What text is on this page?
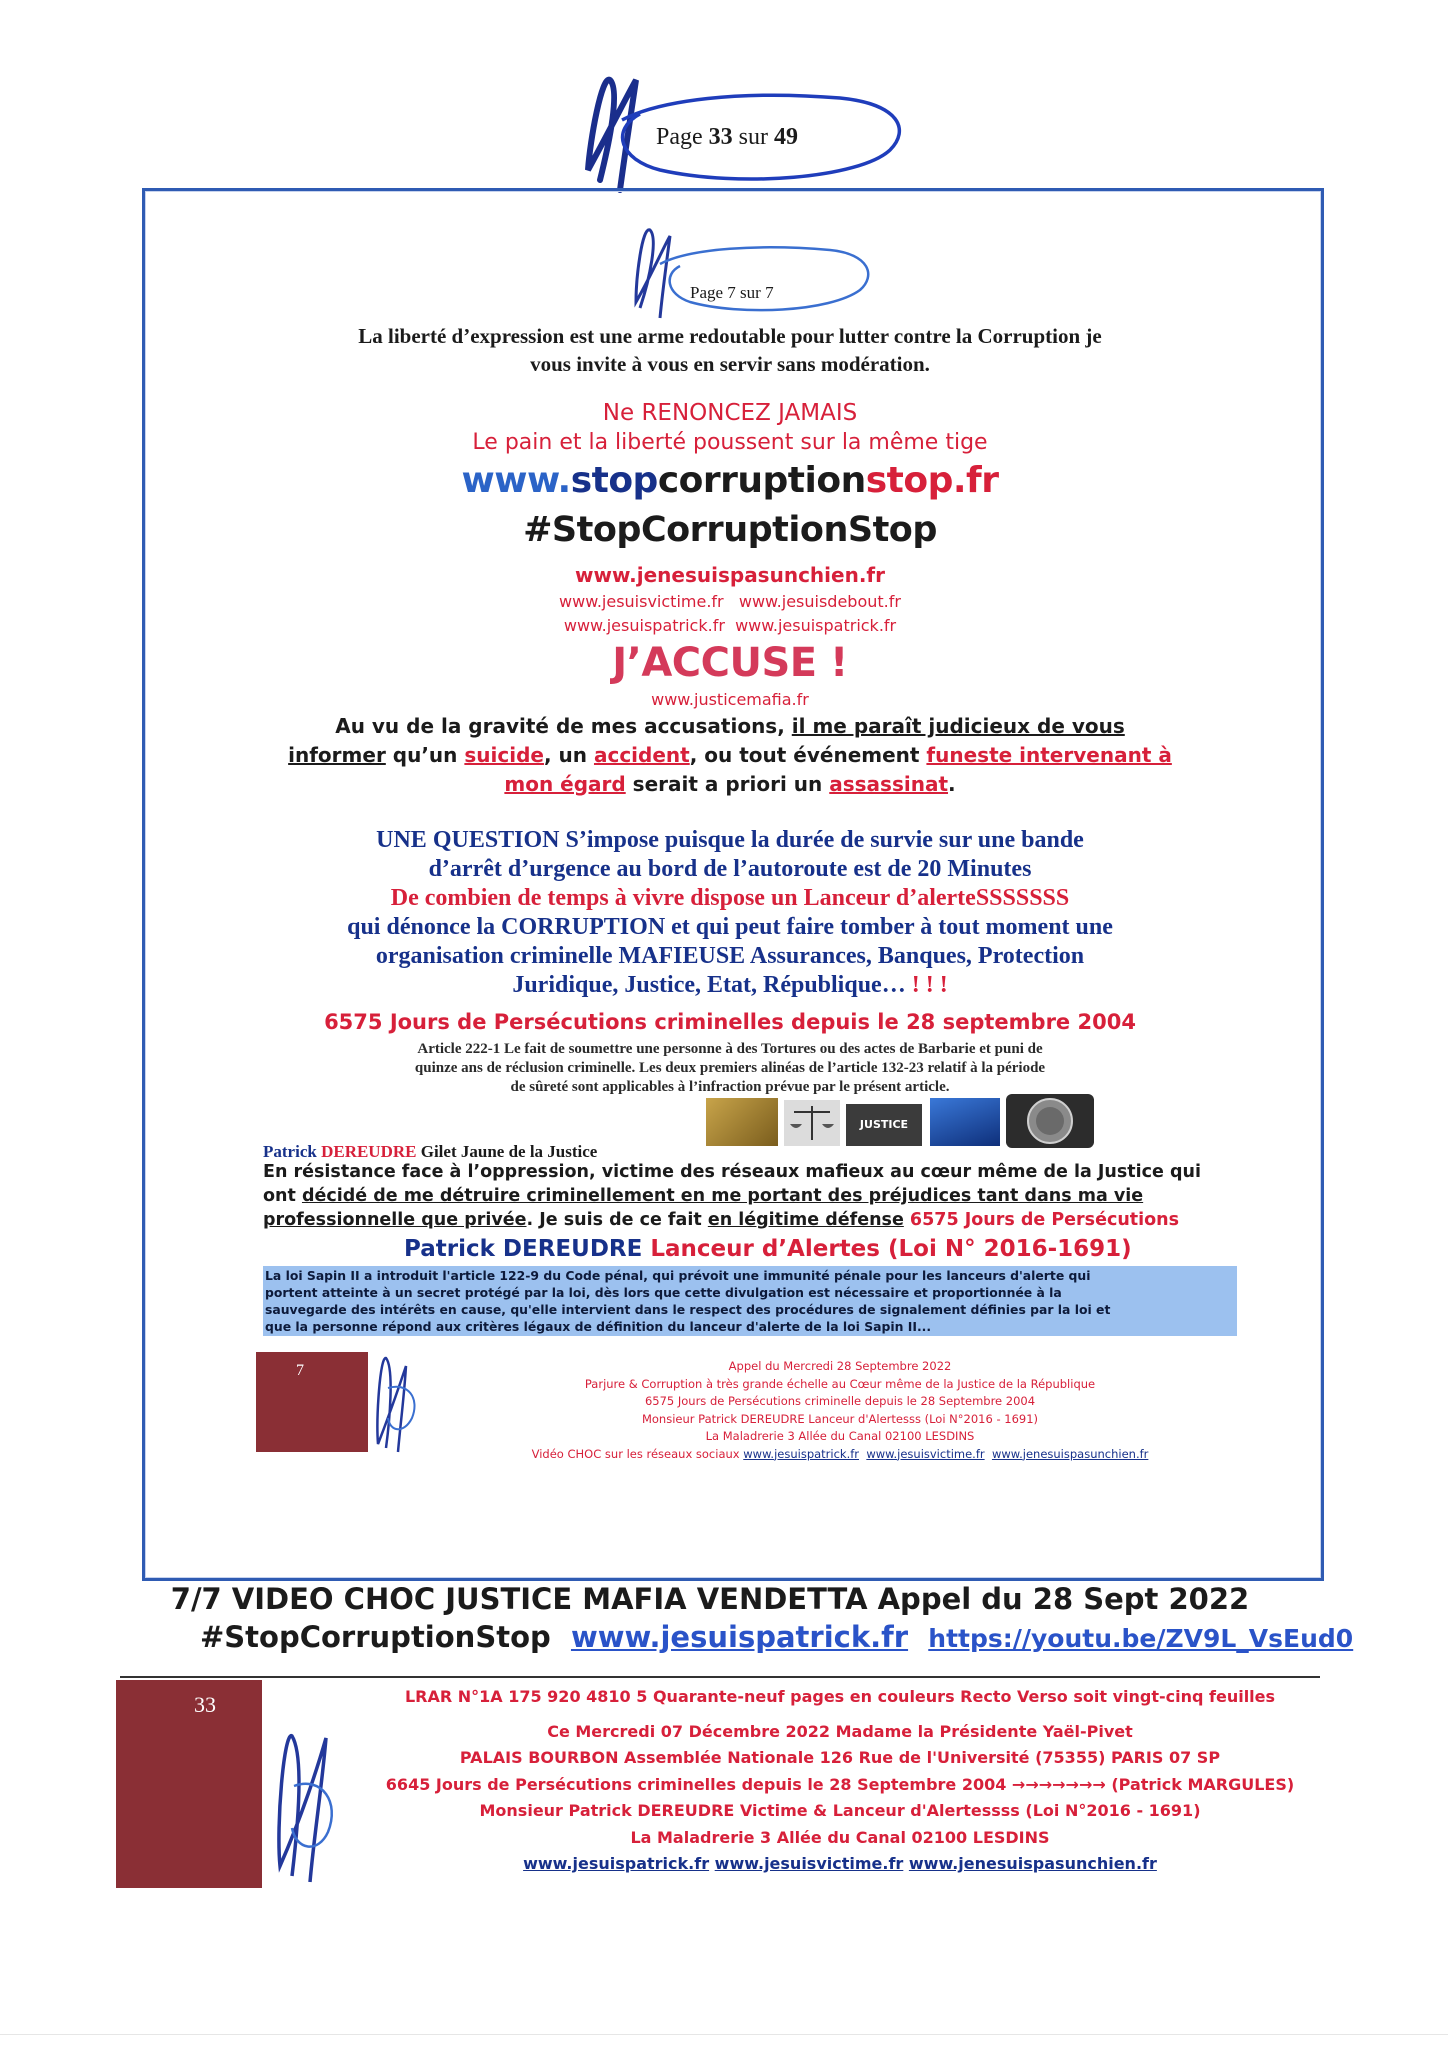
Page 33 sur 49
Page 7 sur 7
La liberté d’expression est une arme redoutable pour lutter contre la Corruption je
vous invite à vous en servir sans modération.
Ne RENONCEZ JAMAIS
Le pain et la liberté poussent sur la même tige
www.stopcorruptionstop.fr
#StopCorruptionStop
www.jenesuispasunchien.fr
www.jesuisvictime.fr www.jesuisdebout.fr
www.jesuispatrick.fr www.jesuispatrick.fr
J’ACCUSE !
www.justicemafia.fr
Au vu de la gravité de mes accusations, il me paraît judicieux de vous
informer qu’un suicide, un accident, ou tout événement funeste intervenant à
mon égard serait a priori un assassinat.
UNE QUESTION S’impose puisque la durée de survie sur une bande
d’arrêt d’urgence au bord de l’autoroute est de 20 Minutes
De combien de temps à vivre dispose un Lanceur d’alerteSSSSSSS
qui dénonce la CORRUPTION et qui peut faire tomber à tout moment une
organisation criminelle MAFIEUSE Assurances, Banques, Protection
Juridique, Justice, Etat, République… ! ! !
6575 Jours de Persécutions criminelles depuis le 28 septembre 2004
Article 222-1 Le fait de soumettre une personne à des Tortures ou des actes de Barbarie et puni de
quinze ans de réclusion criminelle. Les deux premiers alinéas de l’article 132-23 relatif à la période
de sûreté sont applicables à l’infraction prévue par le présent article.
Patrick DEREUDRE Gilet Jaune de la Justice
JUSTICE
En résistance face à l’oppression, victime des réseaux mafieux au cœur même de la Justice qui
ont décidé de me détruire criminellement en me portant des préjudices tant dans ma vie
professionnelle que privée. Je suis de ce fait en légitime défense 6575 Jours de Persécutions
Patrick DEREUDRE Lanceur d’Alertes (Loi N° 2016-1691)
La loi Sapin II a introduit l'article 122-9 du Code pénal, qui prévoit une immunité pénale pour les lanceurs d'alerte qui
portent atteinte à un secret protégé par la loi, dès lors que cette divulgation est nécessaire et proportionnée à la
sauvegarde des intérêts en cause, qu'elle intervient dans le respect des procédures de signalement définies par la loi et
que la personne répond aux critères légaux de définition du lanceur d'alerte de la loi Sapin II...
7	Appel du Mercredi 28 Septembre 2022
Parjure & Corruption à très grande échelle au Cœur même de la Justice de la République
6575 Jours de Persécutions criminelle depuis le 28 Septembre 2004
Monsieur Patrick DEREUDRE Lanceur d'Alertesss (Loi N°2016 - 1691)
La Maladrerie 3 Allée du Canal 02100 LESDINS
Vidéo CHOC sur les réseaux sociaux www.jesuispatrick.fr www.jesuisvictime.fr www.jenesuispasunchien.fr
7/7 VIDEO CHOC JUSTICE MAFIA VENDETTA Appel du 28 Sept 2022
#StopCorruptionStop www.jesuispatrick.fr https://youtu.be/ZV9L_VsEud0
33	LRAR N°1A 175 920 4810 5 Quarante-neuf pages en couleurs Recto Verso soit vingt-cinq feuilles
Ce Mercredi 07 Décembre 2022 Madame la Présidente Yaël-Pivet
PALAIS BOURBON Assemblée Nationale 126 Rue de l'Université (75355) PARIS 07 SP
6645 Jours de Persécutions criminelles depuis le 28 Septembre 2004 →→→→→→→ (Patrick MARGULES)
Monsieur Patrick DEREUDRE Victime & Lanceur d'Alertessss (Loi N°2016 - 1691)
La Maladrerie 3 Allée du Canal 02100 LESDINS
www.jesuispatrick.fr www.jesuisvictime.fr www.jenesuispasunchien.fr
